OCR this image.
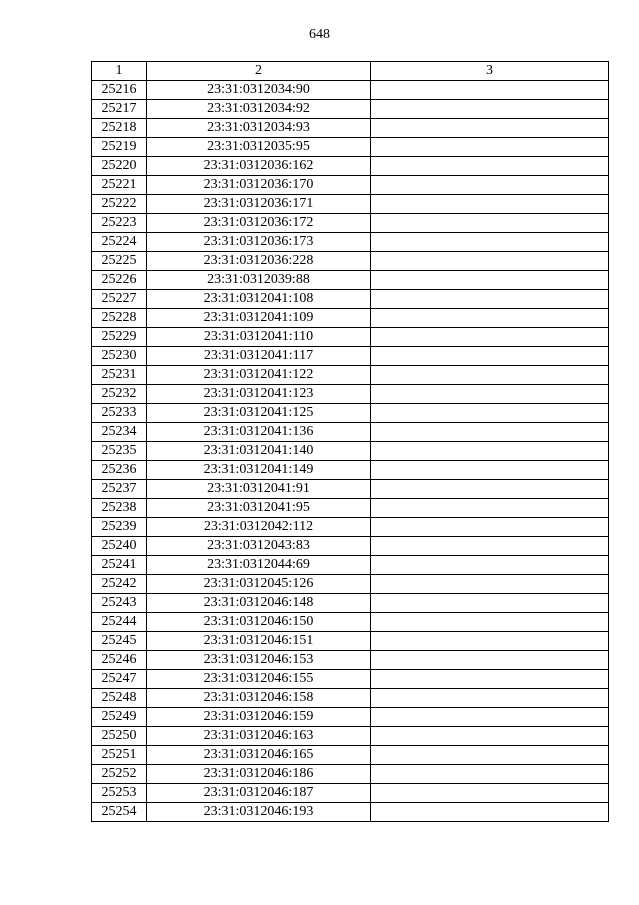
648
1	2	3
25216	23:31:0312034:90	
25217	23:31:0312034:92	
25218	23:31:0312034:93	
25219	23:31:0312035:95	
25220	23:31:0312036:162	
25221	23:31:0312036:170	
25222	23:31:0312036:171	
25223	23:31:0312036:172	
25224	23:31:0312036:173	
25225	23:31:0312036:228	
25226	23:31:0312039:88	
25227	23:31:0312041:108	
25228	23:31:0312041:109	
25229	23:31:0312041:110	
25230	23:31:0312041:117	
25231	23:31:0312041:122	
25232	23:31:0312041:123	
25233	23:31:0312041:125	
25234	23:31:0312041:136	
25235	23:31:0312041:140	
25236	23:31:0312041:149	
25237	23:31:0312041:91	
25238	23:31:0312041:95	
25239	23:31:0312042:112	
25240	23:31:0312043:83	
25241	23:31:0312044:69	
25242	23:31:0312045:126	
25243	23:31:0312046:148	
25244	23:31:0312046:150	
25245	23:31:0312046:151	
25246	23:31:0312046:153	
25247	23:31:0312046:155	
25248	23:31:0312046:158	
25249	23:31:0312046:159	
25250	23:31:0312046:163	
25251	23:31:0312046:165	
25252	23:31:0312046:186	
25253	23:31:0312046:187	
25254	23:31:0312046:193	
